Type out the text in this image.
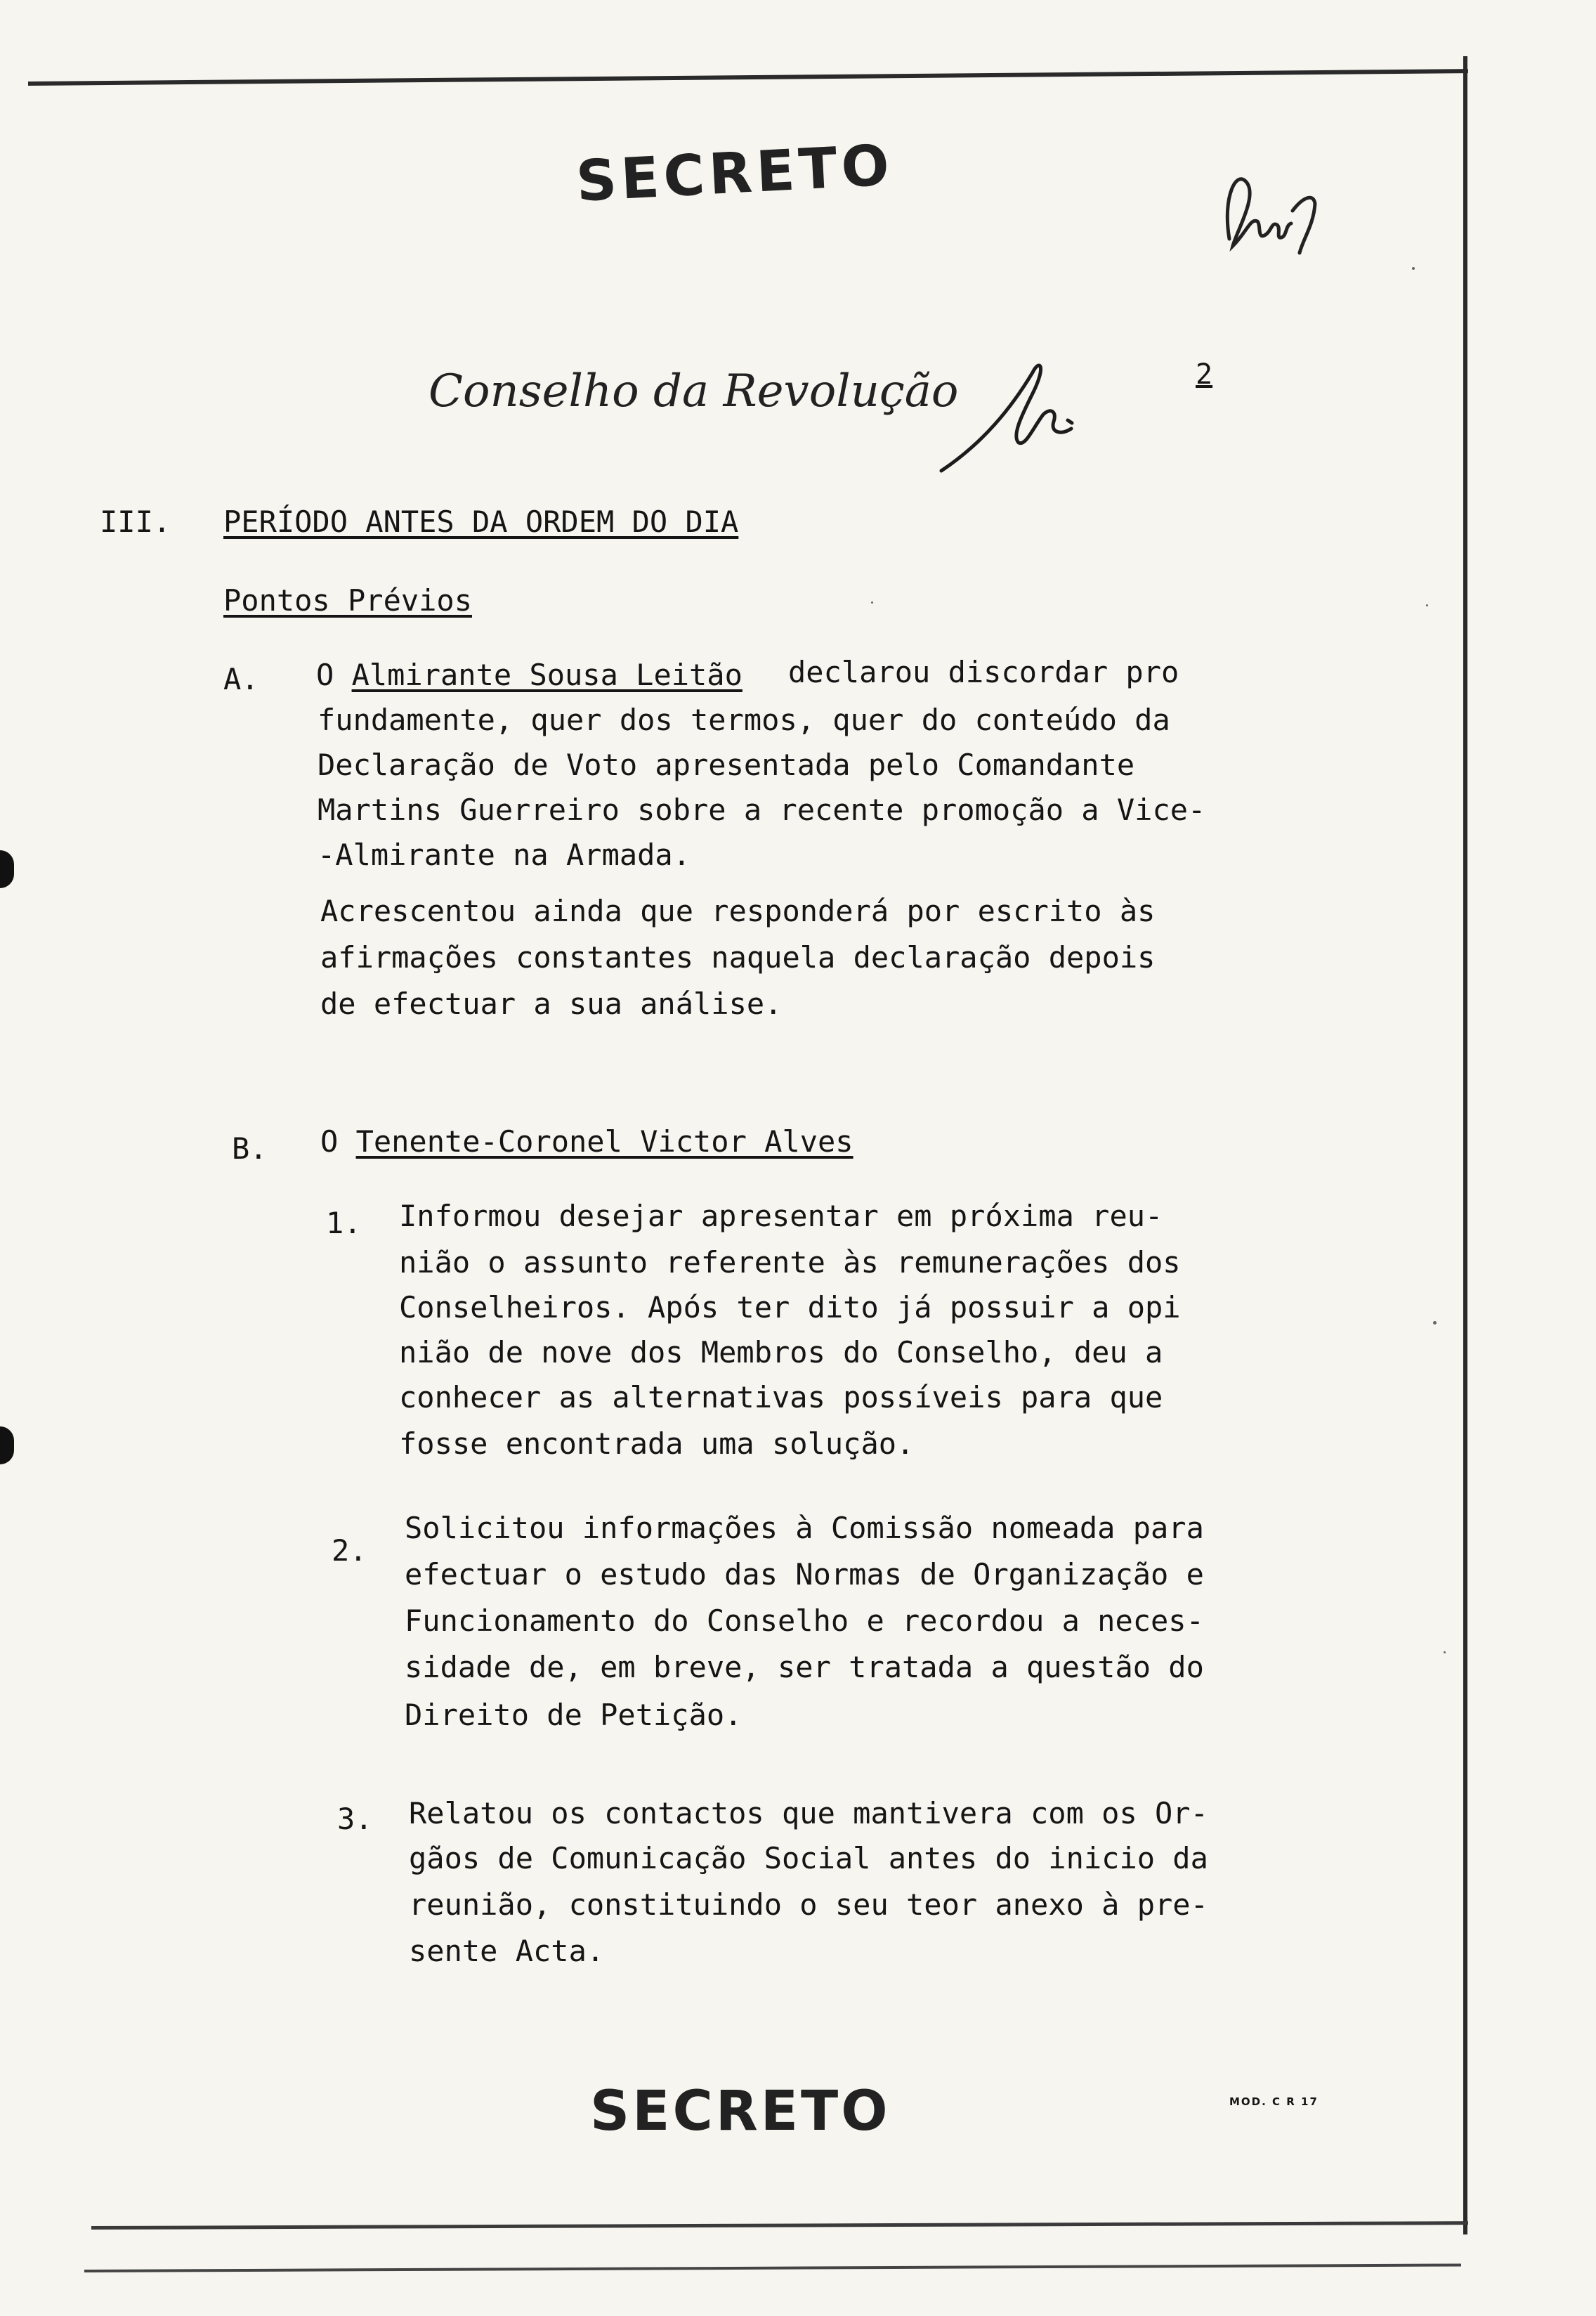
SECRETO
Conselho da Revolução	2
III. PERÍODO ANTES DA ORDEM DO DIA
Pontos Prévios
A. O Almirante Sousa Leitão declarou discordar pro
fundamente, quer dos termos, quer do conteúdo da
Declaração de Voto apresentada pelo Comandante
Martins Guerreiro sobre a recente promoção a Vice-
-Almirante na Armada.
Acrescentou ainda que responderá por escrito às
afirmações constantes naquela declaração depois
de efectuar a sua análise.
B. O Tenente-Coronel Victor Alves
1. Informou desejar apresentar em próxima reu-
nião o assunto referente às remunerações dos
Conselheiros. Após ter dito já possuir a opi
nião de nove dos Membros do Conselho, deu a
conhecer as alternativas possíveis para que
fosse encontrada uma solução.
2.
Solicitou informações à Comissão nomeada para
efectuar o estudo das Normas de Organização e
Funcionamento do Conselho e recordou a neces-
sidade de, em breve, ser tratada a questão do
Direito de Petição.
3. Relatou os contactos que mantivera com os Or-
gãos de Comunicação Social antes do inicio da
reunião, constituindo o seu teor anexo à pre-
sente Acta.
SECRETO	MOD. C R 17
